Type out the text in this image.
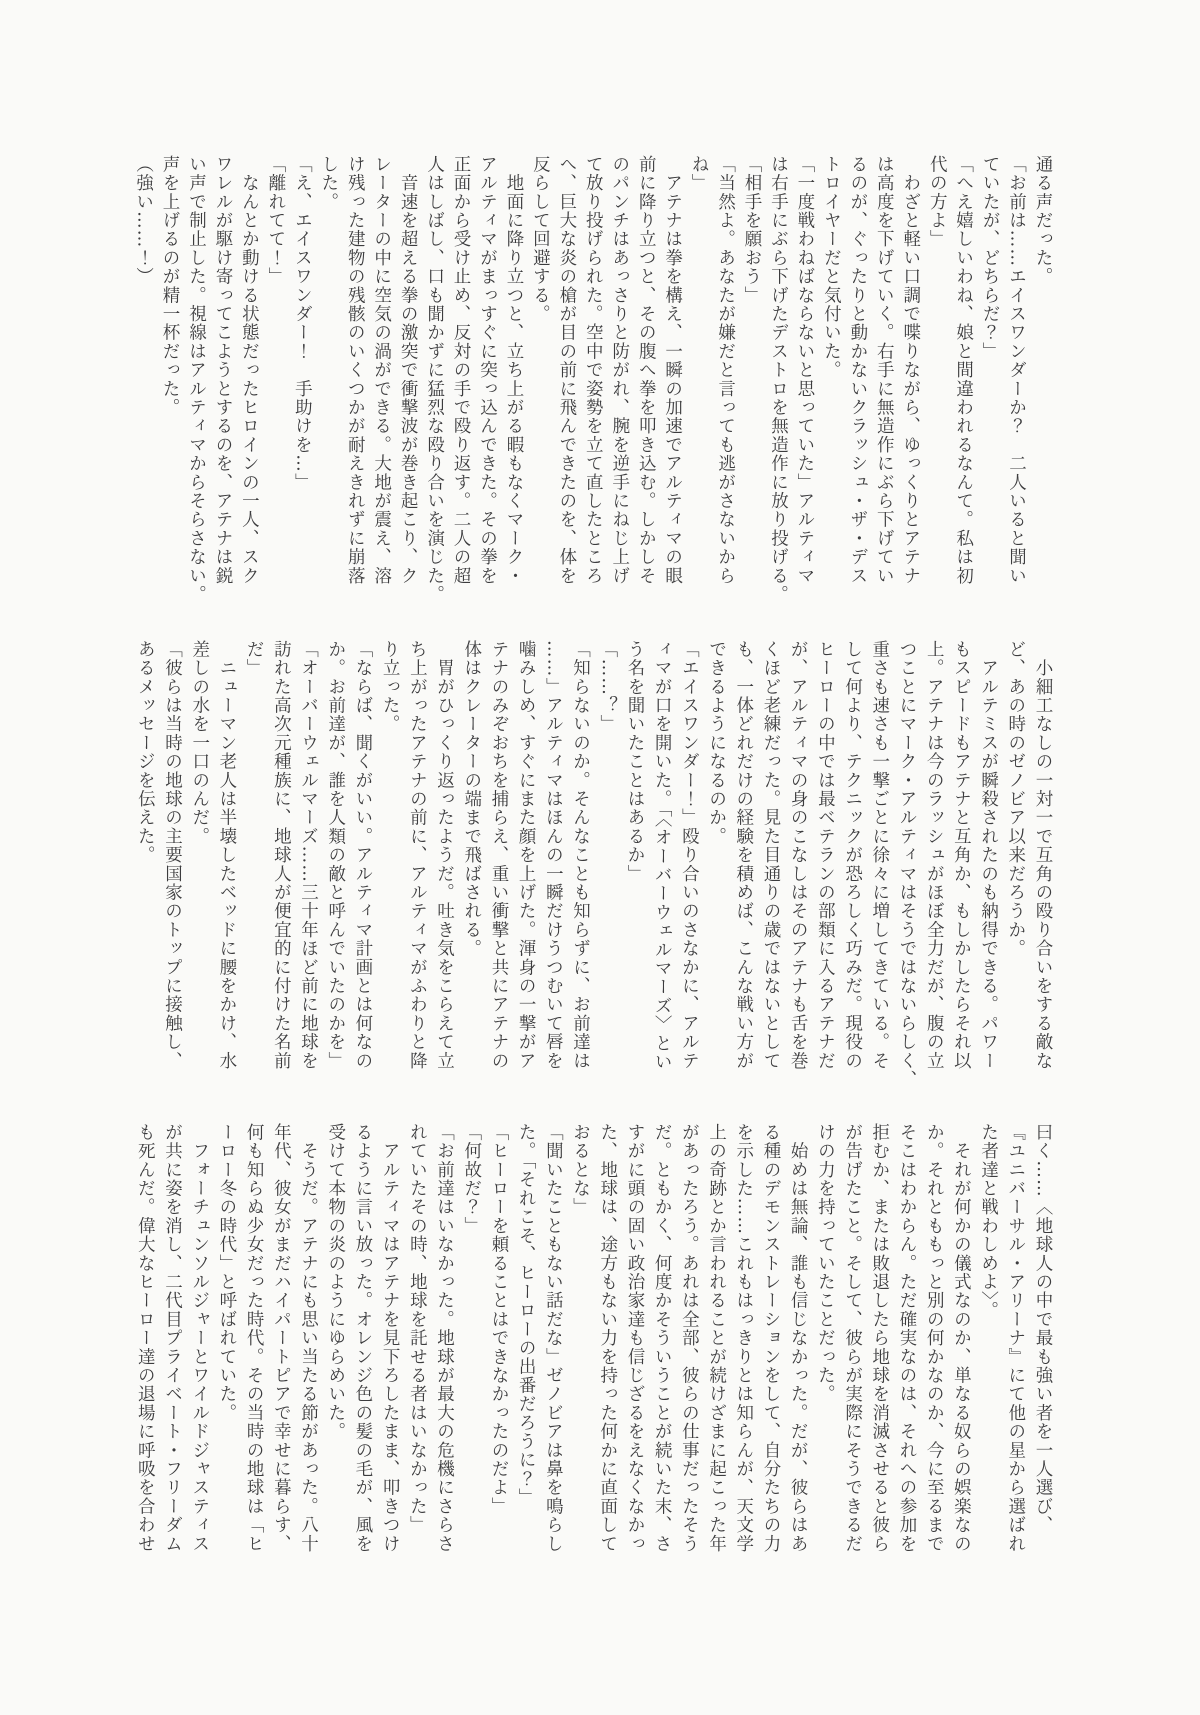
通る声だった。
「お前は……エイスワンダーか？　二人いると聞い
ていたが、どちらだ？」
「へえ嬉しいわね、娘と間違われるなんて。私は初
代の方よ」
　わざと軽い口調で喋りながら、ゆっくりとアテナ
は高度を下げていく。右手に無造作にぶら下げてい
るのが、ぐったりと動かないクラッシュ・ザ・デス
トロイヤーだと気付いた。
「一度戦わねばならないと思っていた」アルティマ
は右手にぶら下げたデストロを無造作に放り投げる。
「相手を願おう」
「当然よ。あなたが嫌だと言っても逃がさないから
ね」
　アテナは拳を構え、一瞬の加速でアルティマの眼
前に降り立つと、その腹へ拳を叩き込む。しかしそ
のパンチはあっさりと防がれ、腕を逆手にねじ上げ
て放り投げられた。空中で姿勢を立て直したところ
へ、巨大な炎の槍が目の前に飛んできたのを、体を
反らして回避する。
　地面に降り立つと、立ち上がる暇もなくマーク・
アルティマがまっすぐに突っ込んできた。その拳を
正面から受け止め、反対の手で殴り返す。二人の超
人はしばし、口も聞かずに猛烈な殴り合いを演じた。
　音速を超える拳の激突で衝撃波が巻き起こり、ク
レーターの中に空気の渦ができる。大地が震え、溶
け残った建物の残骸のいくつかが耐えきれずに崩落
した。
「え、エイスワンダー！　手助けを…」
「離れてて！」
　なんとか動ける状態だったヒロインの一人、スク
ワレルが駆け寄ってこようとするのを、アテナは鋭
い声で制止した。視線はアルティマからそらさない。
声を上げるのが精一杯だった。
（強い……！）
　小細工なしの一対一で互角の殴り合いをする敵な
ど、あの時のゼノビア以来だろうか。
　アルテミスが瞬殺されたのも納得できる。パワー
もスピードもアテナと互角か、もしかしたらそれ以
上。アテナは今のラッシュがほぼ全力だが、腹の立
つことにマーク・アルティマはそうではないらしく、
重さも速さも一撃ごとに徐々に増してきている。そ
して何より、テクニックが恐ろしく巧みだ。現役の
ヒーローの中では最ベテランの部類に入るアテナだ
が、アルティマの身のこなしはそのアテナも舌を巻
くほど老練だった。見た目通りの歳ではないとして
も、一体どれだけの経験を積めば、こんな戦い方が
できるようになるのか。
「エイスワンダー！」殴り合いのさなかに、アルテ
ィマが口を開いた。「〈オーバーウェルマーズ〉とい
う名を聞いたことはあるか」
「……？」
「知らないのか。そんなことも知らずに、お前達は
……」アルティマはほんの一瞬だけうつむいて唇を
噛みしめ、すぐにまた顔を上げた。渾身の一撃がア
テナのみぞおちを捕らえ、重い衝撃と共にアテナの
体はクレーターの端まで飛ばされる。
　胃がひっくり返ったようだ。吐き気をこらえて立
ち上がったアテナの前に、アルティマがふわりと降
り立った。
「ならば、聞くがいい。アルティマ計画とは何なの
か。お前達が、誰を人類の敵と呼んでいたのかを」
「オーバーウェルマーズ……三十年ほど前に地球を
訪れた高次元種族に、地球人が便宜的に付けた名前
だ」
　ニューマン老人は半壊したベッドに腰をかけ、水
差しの水を一口のんだ。
「彼らは当時の地球の主要国家のトップに接触し、
あるメッセージを伝えた。
曰く……〈地球人の中で最も強い者を一人選び、
『ユニバーサル・アリーナ』にて他の星から選ばれ
た者達と戦わしめよ〉。
　それが何かの儀式なのか、単なる奴らの娯楽なの
か。それとももっと別の何かなのか、今に至るまで
そこはわからん。ただ確実なのは、それへの参加を
拒むか、または敗退したら地球を消滅させると彼ら
が告げたこと。そして、彼らが実際にそうできるだ
けの力を持っていたことだった。
　始めは無論、誰も信じなかった。だが、彼らはあ
る種のデモンストレーションをして、自分たちの力
を示した……これもはっきりとは知らんが、天文学
上の奇跡とか言われることが続けざまに起こった年
があったろう。あれは全部、彼らの仕事だったそう
だ。ともかく、何度かそういうことが続いた末、さ
すがに頭の固い政治家達も信じざるをえなくなかっ
た、地球は、途方もない力を持った何かに直面して
おるとな」
「聞いたこともない話だな」ゼノビアは鼻を鳴らし
た。「それこそ、ヒーローの出番だろうに？」
「ヒーローを頼ることはできなかったのだよ」
「何故だ？」
「お前達はいなかった。地球が最大の危機にさらさ
れていたその時、地球を託せる者はいなかった」
　アルティマはアテナを見下ろしたまま、叩きつけ
るように言い放った。オレンジ色の髪の毛が、風を
受けて本物の炎のようにゆらめいた。
　そうだ。アテナにも思い当たる節があった。八十
年代、彼女がまだハイパートピアで幸せに暮らす、
何も知らぬ少女だった時代。その当時の地球は「ヒ
ーロー冬の時代」と呼ばれていた。
　フォーチュンソルジャーとワイルドジャスティス
が共に姿を消し、二代目プライベート・フリーダム
も死んだ。偉大なヒーロー達の退場に呼吸を合わせ
